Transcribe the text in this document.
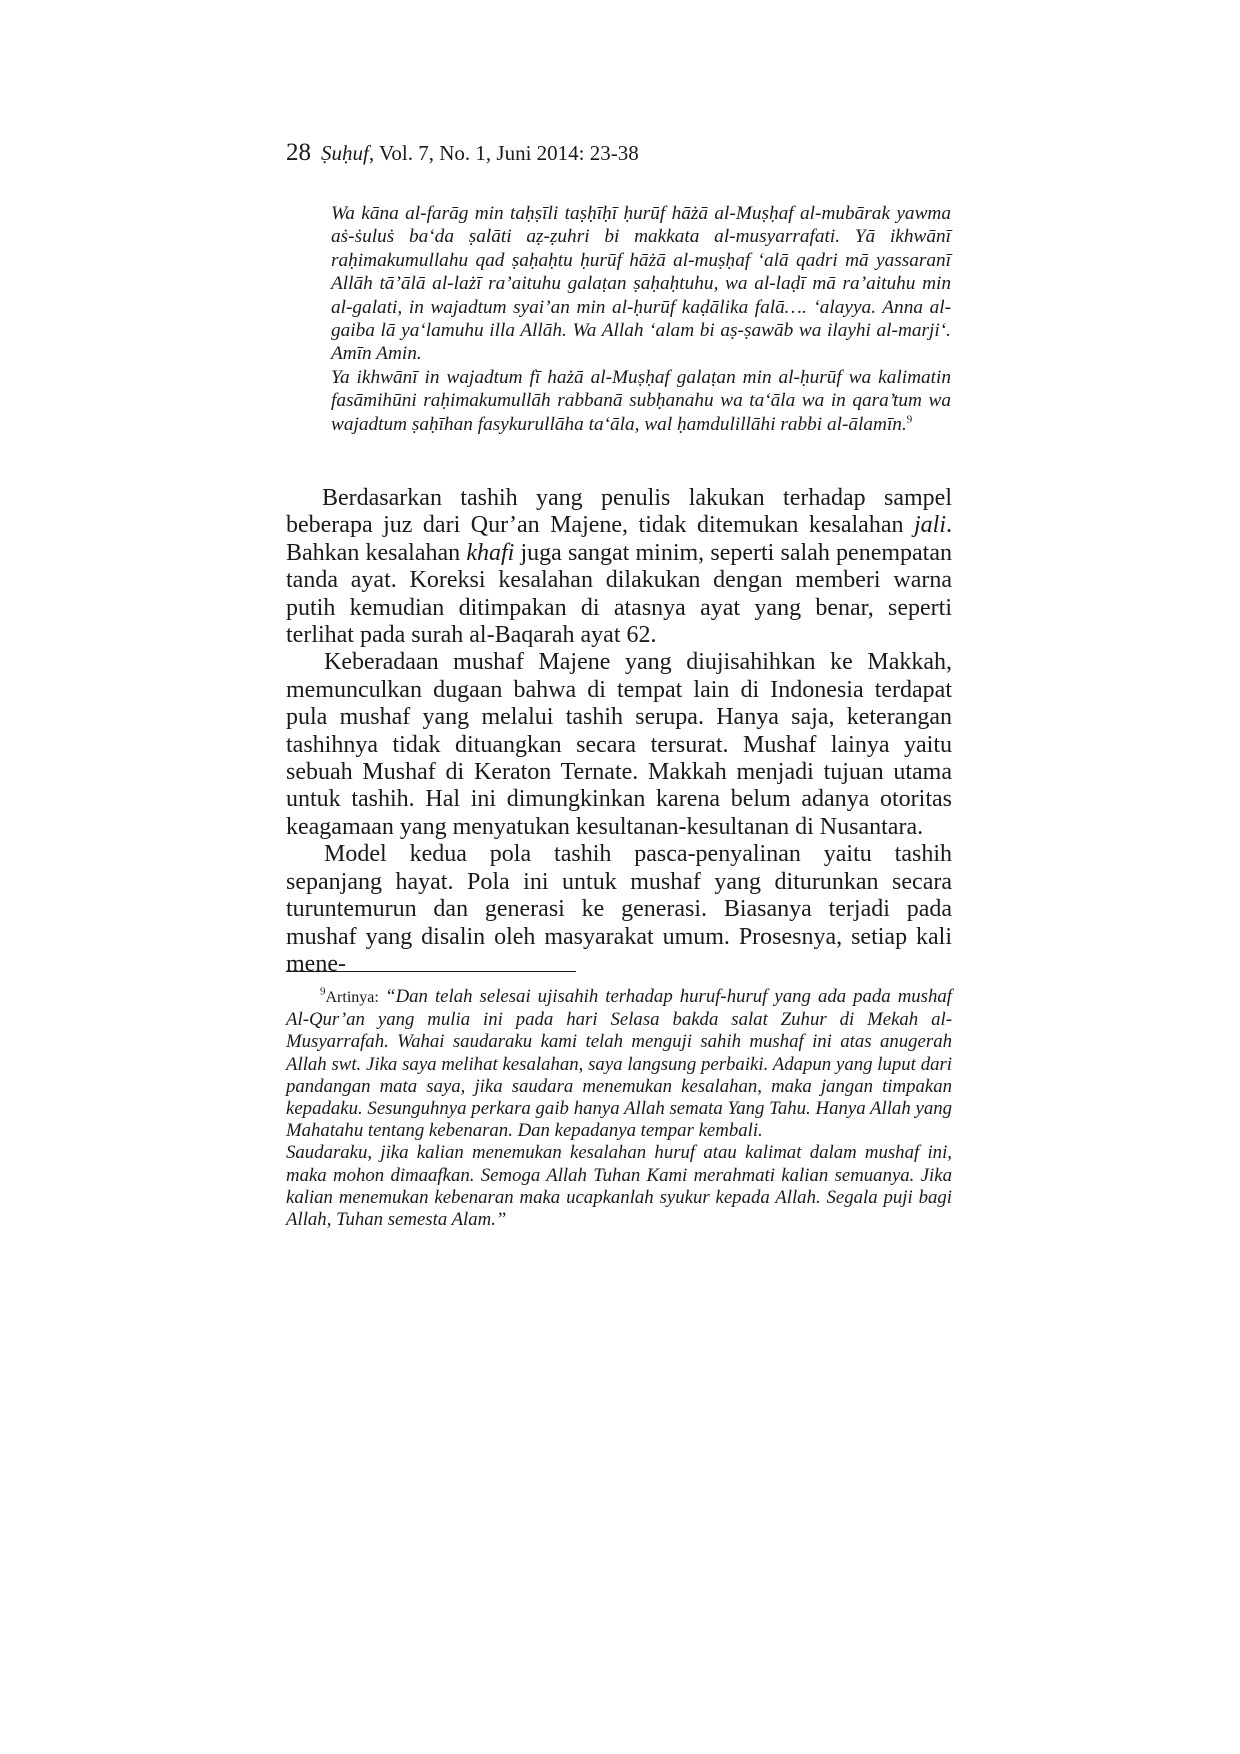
28 Ṣuḥuf, Vol. 7, No. 1, Juni 2014: 23-38

Wa kāna al-farāg min taḥṣīli taṣḥīḥī ḥurūf hāżā al-Muṣḥaf al-mubārak yawma aṡ-ṡuluṡ ba‘da ṣalāti aẓ-ẓuhri bi makkata al-musyarrafati. Yā ikhwānī raḥimakumullahu qad ṣaḥaḥtu ḥurūf hāżā al-muṣḥaf ‘alā qadri mā yassaranī Allāh tā’ālā al-lażī ra’aituhu galaṭan ṣaḥaḥtuhu, wa al-laḍī mā ra’aituhu min al-galati, in wajadtum syai’an min al-ḥurūf kaḍālika falā…. ‘alayya. Anna al-gaiba lā ya‘lamuhu illa Allāh. Wa Allah ‘alam bi aṣ-ṣawāb wa ilayhi al-marji‘. Amīn Amin.

Ya ikhwānī in wajadtum fī hażā al-Muṣḥaf galaṭan min al-ḥurūf wa kalimatin fasāmihūni raḥimakumullāh rabbanā subḥanahu wa ta‘āla wa in qara’tum wa wajadtum ṣaḥīhan fasykurullāha ta‘āla, wal ḥamdulillāhi rabbi al-ālamīn.$^9$

Berdasarkan tashih yang penulis lakukan terhadap sampel beberapa juz dari Qur’an Majene, tidak ditemukan kesalahan jali. Bahkan kesalahan khafi juga sangat minim, seperti salah penempatan tanda ayat. Koreksi kesalahan dilakukan dengan memberi warna putih kemudian ditimpakan di atasnya ayat yang benar, seperti terlihat pada surah al-Baqarah ayat 62.

Keberadaan mushaf Majene yang diujisahihkan ke Makkah, memunculkan dugaan bahwa di tempat lain di Indonesia terdapat pula mushaf yang melalui tashih serupa. Hanya saja, keterangan tashihnya tidak dituangkan secara tersurat. Mushaf lainya yaitu sebuah Mushaf di Keraton Ternate. Makkah menjadi tujuan utama untuk tashih. Hal ini dimungkinkan karena belum adanya otoritas keagamaan yang menyatukan kesultanan-kesultanan di Nusantara.

Model kedua pola tashih pasca-penyalinan yaitu tashih sepanjang hayat. Pola ini untuk mushaf yang diturunkan secara turuntemurun dan generasi ke generasi. Biasanya terjadi pada mushaf yang disalin oleh masyarakat umum. Prosesnya, setiap kali mene-

$^9$Artinya: “Dan telah selesai ujisahih terhadap huruf-huruf yang ada pada mushaf Al-Qur’an yang mulia ini pada hari Selasa bakda salat Zuhur di Mekah al-Musyarrafah. Wahai saudaraku kami telah menguji sahih mushaf ini atas anugerah Allah swt. Jika saya melihat kesalahan, saya langsung perbaiki. Adapun yang luput dari pandangan mata saya, jika saudara menemukan kesalahan, maka jangan timpakan kepadaku. Sesunguhnya perkara gaib hanya Allah semata Yang Tahu. Hanya Allah yang Mahatahu tentang kebenaran. Dan kepadanya tempar kembali.

Saudaraku, jika kalian menemukan kesalahan huruf atau kalimat dalam mushaf ini, maka mohon dimaafkan. Semoga Allah Tuhan Kami merahmati kalian semuanya. Jika kalian menemukan kebenaran maka ucapkanlah syukur kepada Allah. Segala puji bagi Allah, Tuhan semesta Alam.”
